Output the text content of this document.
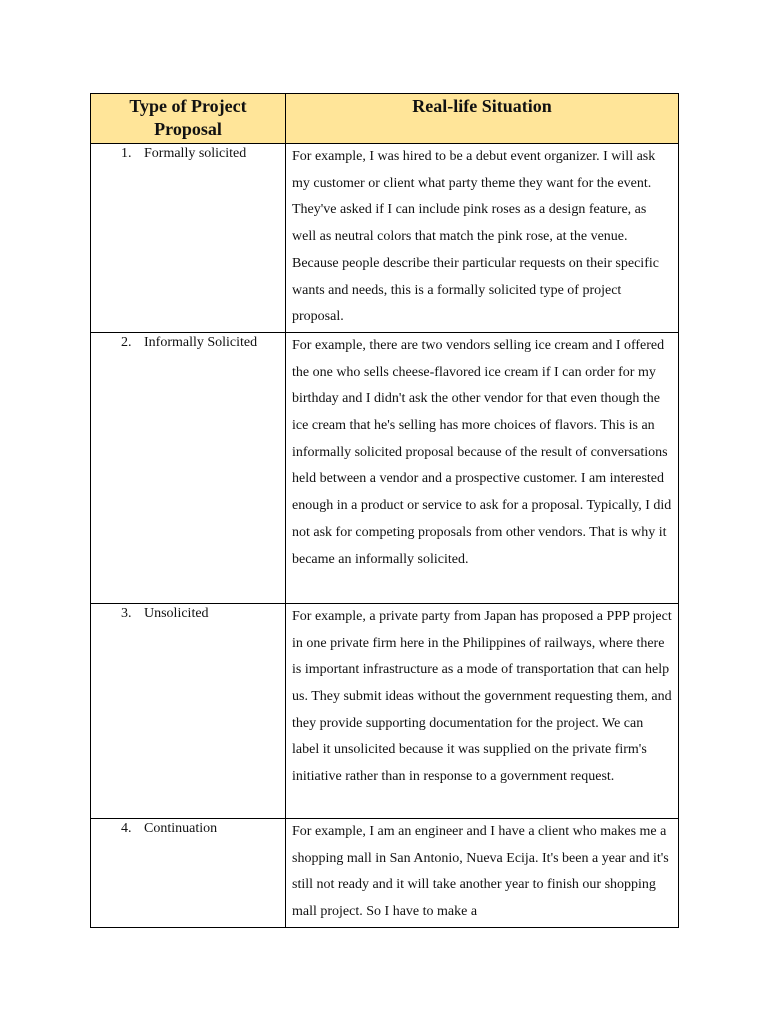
Type of Project Proposal	Real-life Situation
1. Formally solicited	For example, I was hired to be a debut event organizer. I will ask my customer or client what party theme they want for the event. They've asked if I can include pink roses as a design feature, as well as neutral colors that match the pink rose, at the venue. Because people describe their particular requests on their specific wants and needs, this is a formally solicited type of project proposal.
2. Informally Solicited	For example, there are two vendors selling ice cream and I offered the one who sells cheese-flavored ice cream if I can order for my birthday and I didn't ask the other vendor for that even though the ice cream that he's selling has more choices of flavors. This is an informally solicited proposal because of the result of conversations held between a vendor and a prospective customer. I am interested enough in a product or service to ask for a proposal. Typically, I did not ask for competing proposals from other vendors. That is why it became an informally solicited.
3. Unsolicited	For example, a private party from Japan has proposed a PPP project in one private firm here in the Philippines of railways, where there is important infrastructure as a mode of transportation that can help us. They submit ideas without the government requesting them, and they provide supporting documentation for the project. We can label it unsolicited because it was supplied on the private firm's initiative rather than in response to a government request.
4. Continuation	For example, I am an engineer and I have a client who makes me a shopping mall in San Antonio, Nueva Ecija. It's been a year and it's still not ready and it will take another year to finish our shopping mall project. So I have to make a
